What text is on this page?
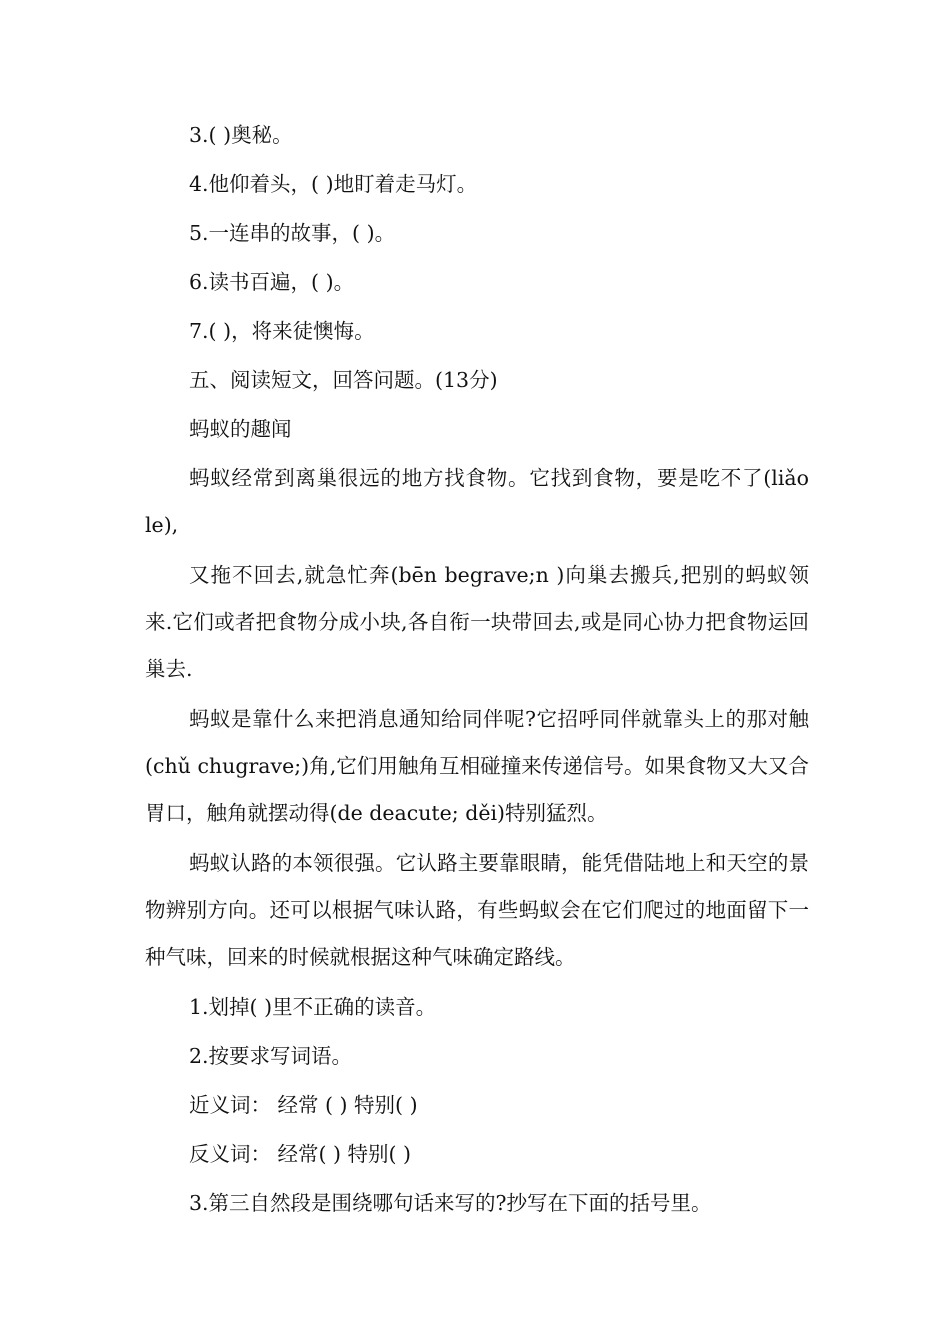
3.( )奥秘。

4.他仰着头，( )地盯着走马灯。

5.一连串的故事，( )。

6.读书百遍，( )。

7.( )，将来徒懊悔。

五、阅读短文，回答问题。(13分)

蚂蚁的趣闻

蚂蚁经常到离巢很远的地方找食物。它找到食物，要是吃不了(liǎo le),

又拖不回去,就急忙奔(bēn begrave;n )向巢去搬兵,把别的蚂蚁领来.它们或者把食物分成小块,各自衔一块带回去,或是同心协力把食物运回巢去.

蚂蚁是靠什么来把消息通知给同伴呢?它招呼同伴就靠头上的那对触(chǔ chugrave;)角,它们用触角互相碰撞来传递信号。如果食物又大又合胃口，触角就摆动得(de deacute; děi)特别猛烈。

蚂蚁认路的本领很强。它认路主要靠眼睛，能凭借陆地上和天空的景物辨别方向。还可以根据气味认路，有些蚂蚁会在它们爬过的地面留下一种气味，回来的时候就根据这种气味确定路线。

1.划掉( )里不正确的读音。

2.按要求写词语。

近义词： 经常 ( ) 特别( )

反义词： 经常( ) 特别( )

3.第三自然段是围绕哪句话来写的?抄写在下面的括号里。
